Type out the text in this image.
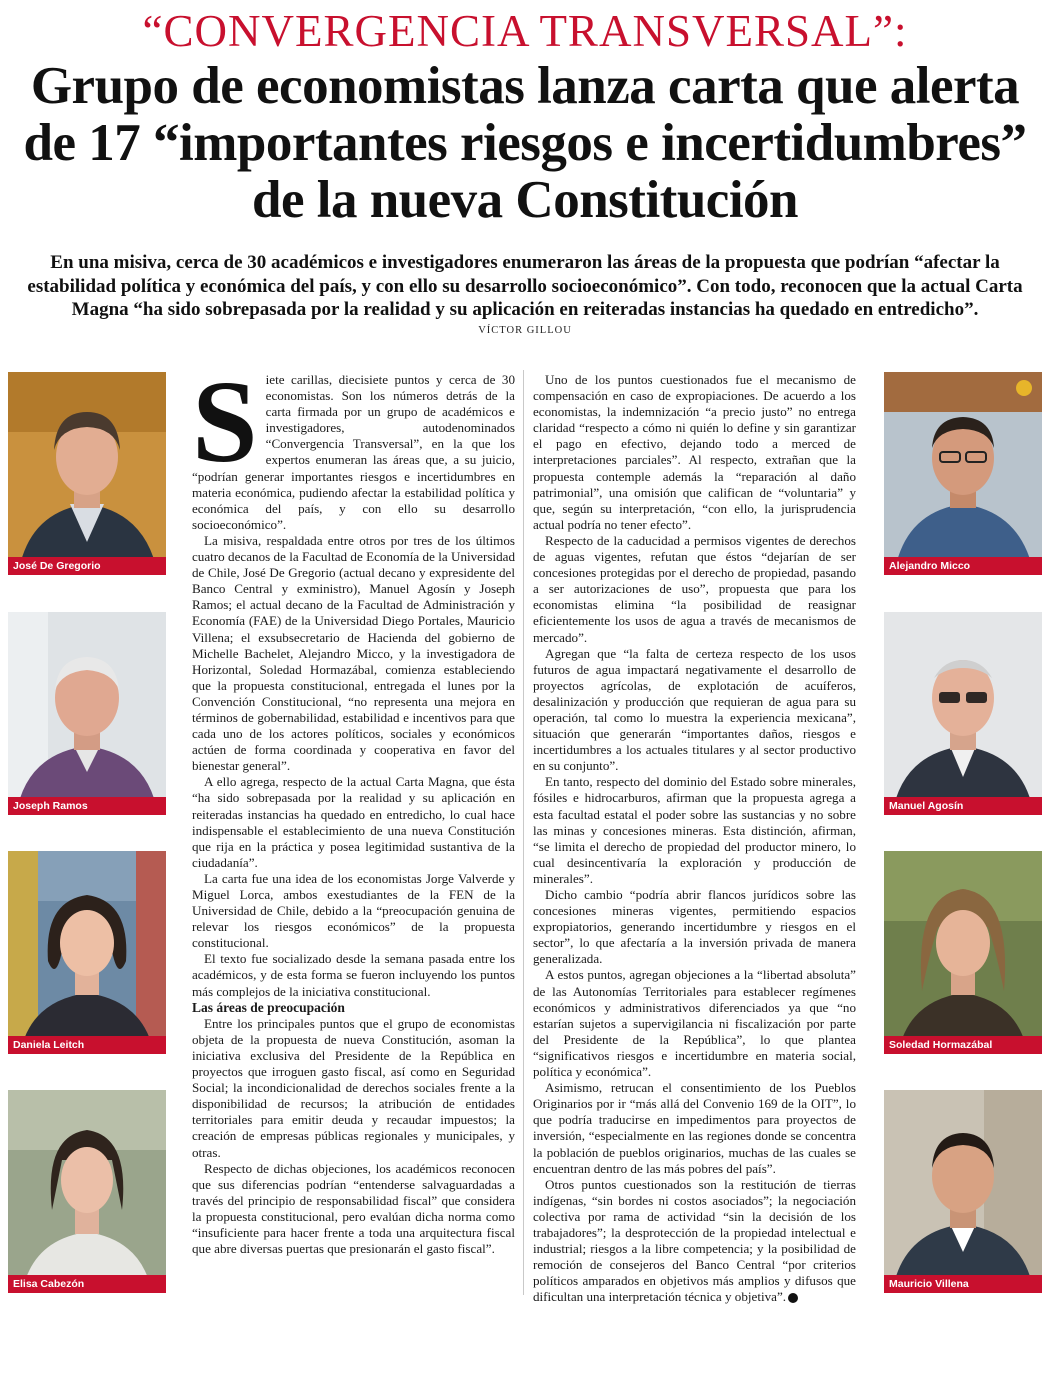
“CONVERGENCIA TRANSVERSAL”:
Grupo de economistas lanza carta que alerta
de 17 “importantes riesgos e incertidumbres”
de la nueva Constitución
En una misiva, cerca de 30 académicos e investigadores enumeraron las áreas de la propuesta que podrían “afectar la estabilidad política y económica del país, y con ello su desarrollo socioeconómico”. Con todo, reconocen que la actual Carta Magna “ha sido sobrepasada por la realidad y su aplicación en reiteradas instancias ha quedado en entredicho”.
VÍCTOR GILLOU
José De Gregorio
Joseph Ramos
Daniela Leitch
Elisa Cabezón
Alejandro Micco
Manuel Agosín
Soledad Hormazábal
Mauricio Villena
S iete carillas, diecisiete puntos y cerca de 30 economistas. Son los números detrás de la carta firmada por un grupo de académicos e investigadores, autodenominados “Convergencia Transversal”, en la que los expertos enumeran las áreas que, a su juicio, “podrían generar importantes riesgos e incertidumbres en materia económica, pudiendo afectar la estabilidad política y económica del país, y con ello su desarrollo socioeconómico”.

La misiva, respaldada entre otros por tres de los últimos cuatro decanos de la Facultad de Economía de la Universidad de Chile, José De Gregorio (actual decano y expresidente del Banco Central y exministro), Manuel Agosín y Joseph Ramos; el actual decano de la Facultad de Administración y Economía (FAE) de la Universidad Diego Portales, Mauricio Villena; el exsubsecretario de Hacienda del gobierno de Michelle Bachelet, Alejandro Micco, y la investigadora de Horizontal, Soledad Hormazábal, comienza estableciendo que la propuesta constitucional, entregada el lunes por la Convención Constitucional, “no representa una mejora en términos de gobernabilidad, estabilidad e incentivos para que cada uno de los actores políticos, sociales y económicos actúen de forma coordinada y cooperativa en favor del bienestar general”.

A ello agrega, respecto de la actual Carta Magna, que ésta “ha sido sobrepasada por la realidad y su aplicación en reiteradas instancias ha quedado en entredicho, lo cual hace indispensable el establecimiento de una nueva Constitución que rija en la práctica y posea legitimidad sustantiva de la ciudadanía”.

La carta fue una idea de los economistas Jorge Valverde y Miguel Lorca, ambos exestudiantes de la FEN de la Universidad de Chile, debido a la “preocupación genuina de relevar los riesgos económicos” de la propuesta constitucional.

El texto fue socializado desde la semana pasada entre los académicos, y de esta forma se fueron incluyendo los puntos más complejos de la iniciativa constitucional.

Las áreas de preocupación

Entre los principales puntos que el grupo de economistas objeta de la propuesta de nueva Constitución, asoman la iniciativa exclusiva del Presidente de la República en proyectos que irroguen gasto fiscal, así como en Seguridad Social; la incondicionalidad de derechos sociales frente a la disponibilidad de recursos; la atribución de entidades territoriales para emitir deuda y recaudar impuestos; la creación de empresas públicas regionales y municipales, y otras.

Respecto de dichas objeciones, los académicos reconocen que sus diferencias podrían “entenderse salvaguardadas a través del principio de responsabilidad fiscal” que considera la propuesta constitucional, pero evalúan dicha norma como “insuficiente para hacer frente a toda una arquitectura fiscal que abre diversas puertas que presionarán el gasto fiscal”.

Uno de los puntos cuestionados fue el mecanismo de compensación en caso de expropiaciones. De acuerdo a los economistas, la indemnización “a precio justo” no entrega claridad “respecto a cómo ni quién lo define y sin garantizar el pago en efectivo, dejando todo a merced de interpretaciones parciales”. Al respecto, extrañan que la propuesta contemple además la “reparación al daño patrimonial”, una omisión que califican de “voluntaria” y que, según su interpretación, “con ello, la jurisprudencia actual podría no tener efecto”.

Respecto de la caducidad a permisos vigentes de derechos de aguas vigentes, refutan que éstos “dejarían de ser concesiones protegidas por el derecho de propiedad, pasando a ser autorizaciones de uso”, propuesta que para los economistas elimina “la posibilidad de reasignar eficientemente los usos de agua a través de mecanismos de mercado”.

Agregan que “la falta de certeza respecto de los usos futuros de agua impactará negativamente el desarrollo de proyectos agrícolas, de explotación de acuíferos, desalinización y producción que requieran de agua para su operación, tal como lo muestra la experiencia mexicana”, situación que generarán “importantes daños, riesgos e incertidumbres a los actuales titulares y al sector productivo en su conjunto”.

En tanto, respecto del dominio del Estado sobre minerales, fósiles e hidrocarburos, afirman que la propuesta agrega a esta facultad estatal el poder sobre las sustancias y no sobre las minas y concesiones mineras. Esta distinción, afirman, “se limita el derecho de propiedad del productor minero, lo cual desincentivaría la exploración y producción de minerales”.

Dicho cambio “podría abrir flancos jurídicos sobre las concesiones mineras vigentes, permitiendo espacios expropiatorios, generando incertidumbre y riesgos en el sector”, lo que afectaría a la inversión privada de manera generalizada.

A estos puntos, agregan objeciones a la “libertad absoluta” de las Autonomías Territoriales para establecer regímenes económicos y administrativos diferenciados ya que “no estarían sujetos a supervigilancia ni fiscalización por parte del Presidente de la República”, lo que plantea “significativos riesgos e incertidumbre en materia social, política y económica”.

Asimismo, retrucan el consentimiento de los Pueblos Originarios por ir “más allá del Convenio 169 de la OIT”, lo que podría traducirse en impedimentos para proyectos de inversión, “especialmente en las regiones donde se concentra la población de pueblos originarios, muchas de las cuales se encuentran dentro de las más pobres del país”.

Otros puntos cuestionados son la restitución de tierras indígenas, “sin bordes ni costos asociados”; la negociación colectiva por rama de actividad “sin la decisión de los trabajadores”; la desprotección de la propiedad intelectual e industrial; riesgos a la libre competencia; y la posibilidad de remoción de consejeros del Banco Central “por criterios políticos amparados en objetivos más amplios y difusos que dificultan una interpretación técnica y objetiva”.
